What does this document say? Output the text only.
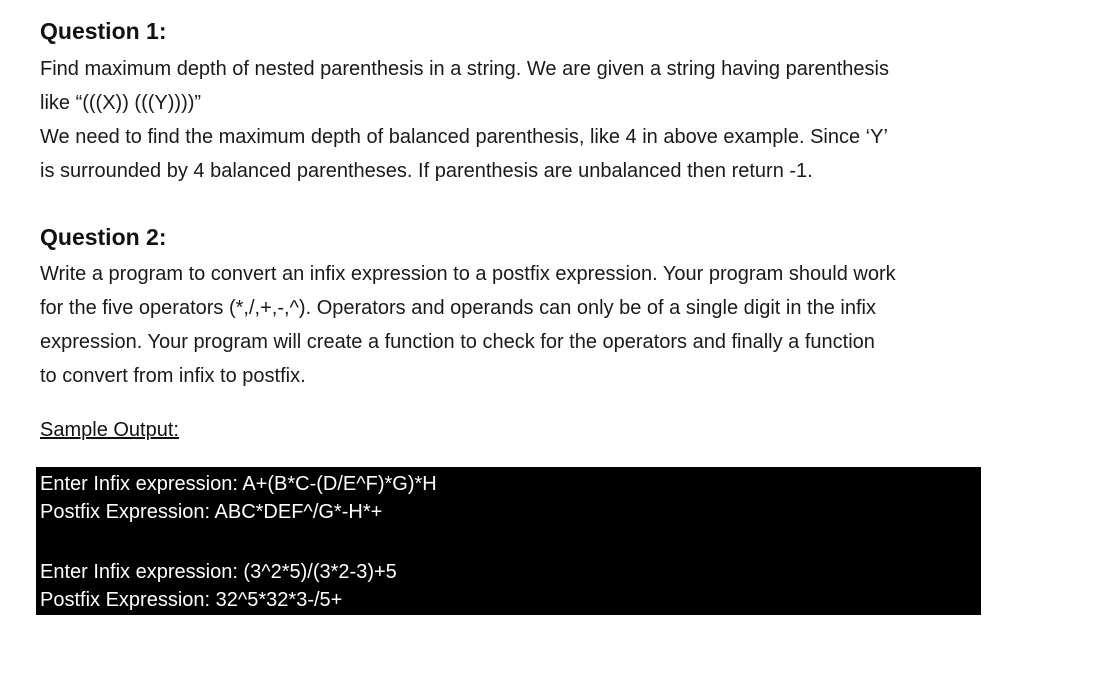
Question 1:
Find maximum depth of nested parenthesis in a string. We are given a string having parenthesis
like “(((X)) (((Y))))”
We need to find the maximum depth of balanced parenthesis, like 4 in above example. Since ‘Y’
is surrounded by 4 balanced parentheses. If parenthesis are unbalanced then return -1.
Question 2:
Write a program to convert an infix expression to a postfix expression. Your program should work
for the five operators (*,/,+,-,^). Operators and operands can only be of a single digit in the infix
expression. Your program will create a function to check for the operators and finally a function
to convert from infix to postfix.
Sample Output:
Enter Infix expression: A+(B*C-(D/E^F)*G)*H
Postfix Expression: ABC*DEF^/G*-H*+
Enter Infix expression: (3^2*5)/(3*2-3)+5
Postfix Expression: 32^5*32*3-/5+
